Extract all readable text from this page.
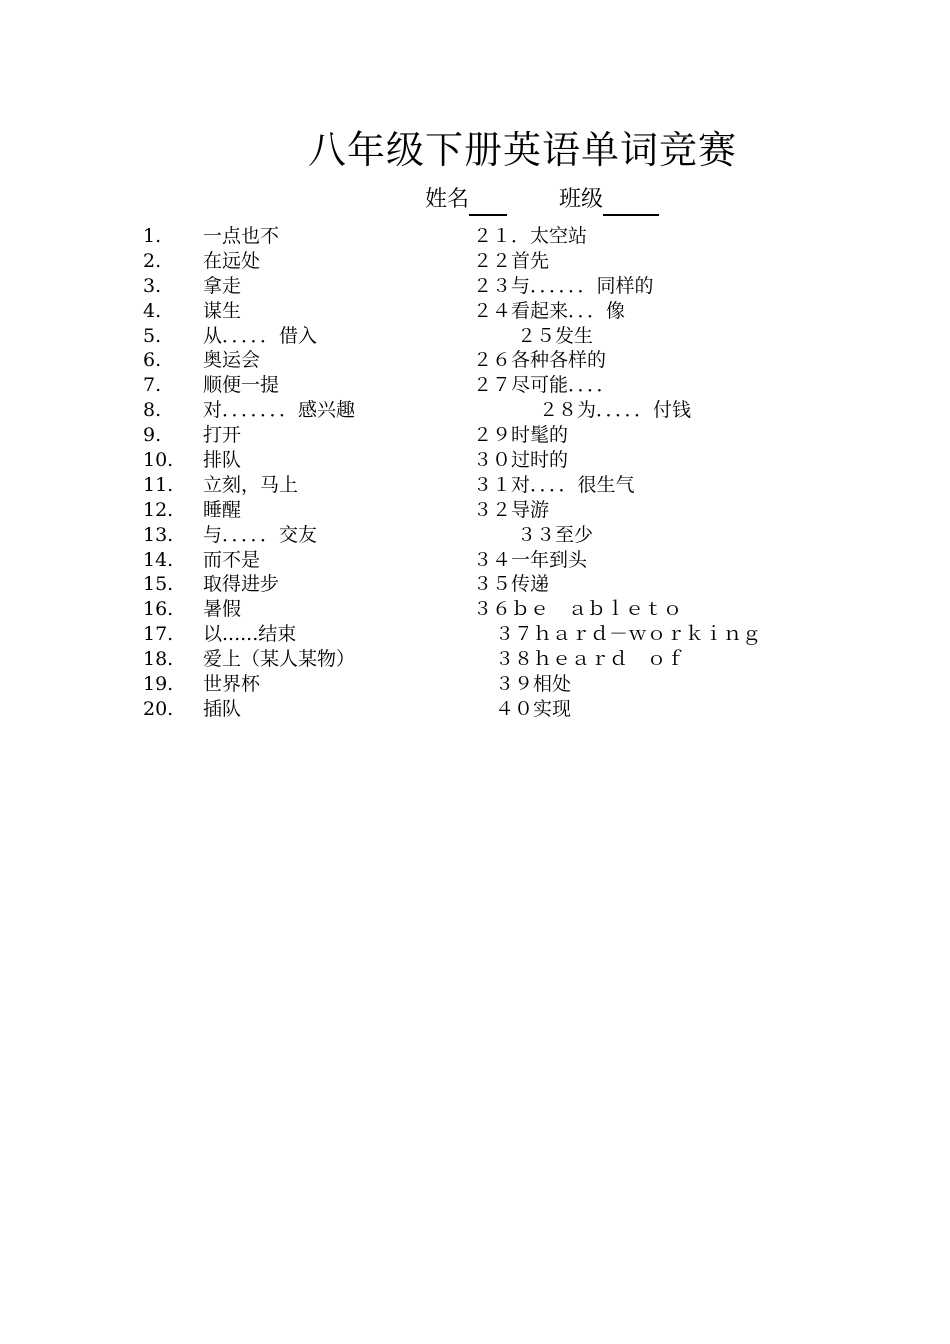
八年级下册英语单词竞赛
姓名	班级
1. 一点也不
2. 在远处
3. 拿走
4. 谋生
5. 从．．．．．借入
6. 奥运会
7. 顺便一提
8. 对．．．．．．．感兴趣
9. 打开
10. 排队
11. 立刻，马上
12. 睡醒
13. 与．．．．．交友
14. 而不是
15. 取得进步
16. 暑假
17. 以......结束
18. 爱上（某人某物）
19. 世界杯
20. 插队
２１．太空站
２２首先
２３与．．．．．．同样的
２４看起来．．．像
２５发生
２６各种各样的
２７尽可能．．．．
２８为．．．．．付钱
２９时髦的
３０过时的
３１对．．．．很生气
３２导游
３３至少
３４一年到头
３５传递
３６ｂｅ　ａｂｌｅｔｏ
３７ｈａｒｄ－ｗｏｒｋｉｎｇ
３８ｈｅａｒｄ　ｏｆ
３９相处
４０实现
